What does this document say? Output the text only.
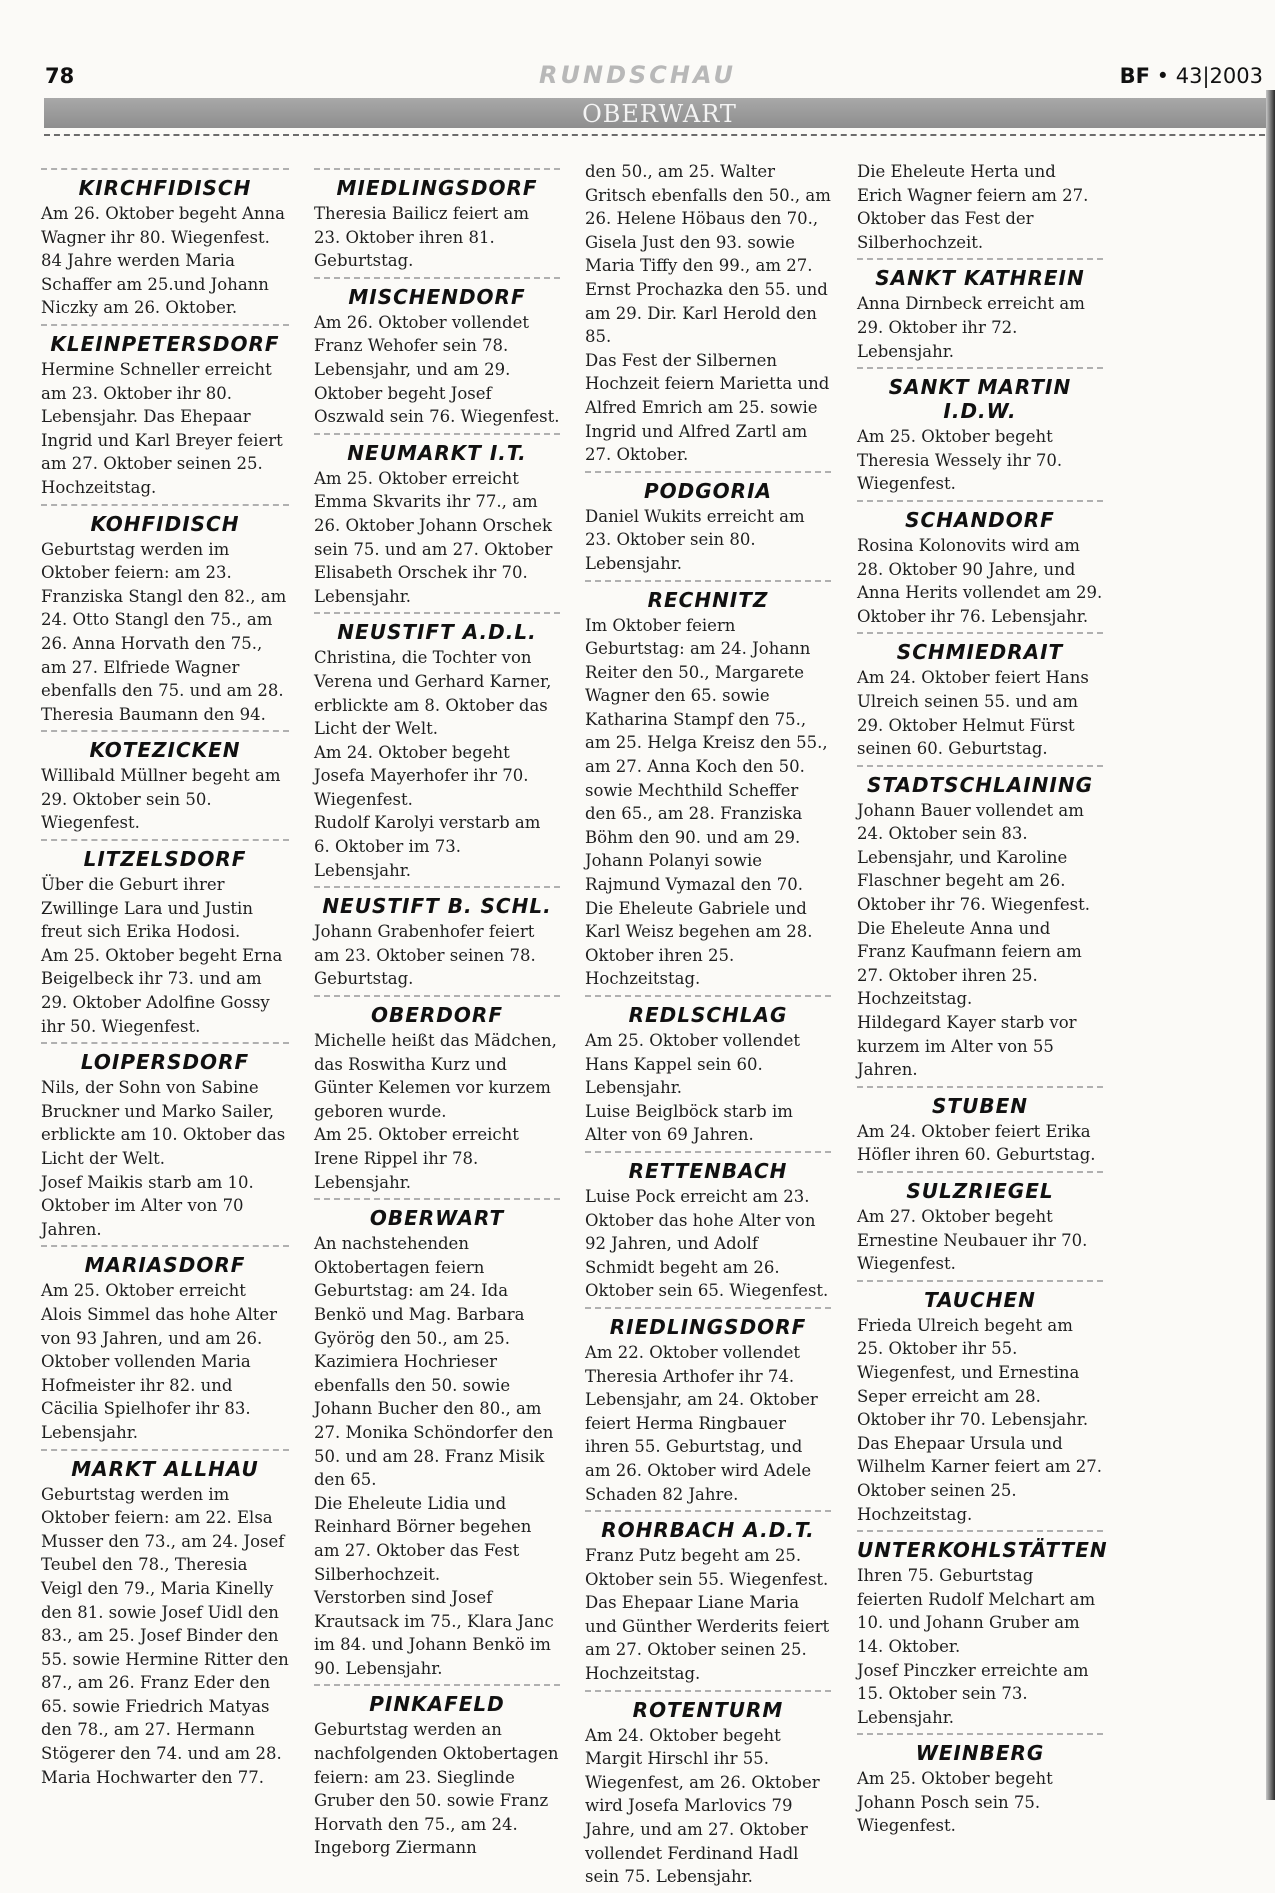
78	RUNDSCHAU	BF • 43|2003
OBERWART
KIRCHFIDISCH

Am 26. Oktober begeht Anna Wagner ihr 80. Wiegenfest. 84 Jahre werden Maria Schaffer am 25.und Johann Niczky am 26. Oktober.

KLEINPETERSDORF

Hermine Schneller erreicht am 23. Oktober ihr 80. Lebensjahr. Das Ehepaar Ingrid und Karl Breyer feiert am 27. Oktober seinen 25. Hochzeitstag.

KOHFIDISCH

Geburtstag werden im Oktober feiern: am 23. Franziska Stangl den 82., am 24. Otto Stangl den 75., am 26. Anna Horvath den 75., am 27. Elfriede Wagner ebenfalls den 75. und am 28. Theresia Baumann den 94.

KOTEZICKEN

Willibald Müllner begeht am 29. Oktober sein 50. Wiegenfest.

LITZELSDORF

Über die Geburt ihrer Zwillinge Lara und Justin freut sich Erika Hodosi.

Am 25. Oktober begeht Erna Beigelbeck ihr 73. und am 29. Oktober Adolfine Gossy ihr 50. Wiegenfest.

LOIPERSDORF

Nils, der Sohn von Sabine Bruckner und Marko Sailer, erblickte am 10. Oktober das Licht der Welt.

Josef Maikis starb am 10. Oktober im Alter von 70 Jahren.

MARIASDORF

Am 25. Oktober erreicht Alois Simmel das hohe Alter von 93 Jahren, und am 26. Oktober vollenden Maria Hofmeister ihr 82. und Cäcilia Spielhofer ihr 83. Lebensjahr.

MARKT ALLHAU

Geburtstag werden im Oktober feiern: am 22. Elsa Musser den 73., am 24. Josef Teubel den 78., Theresia Veigl den 79., Maria Kinelly den 81. sowie Josef Uidl den 83., am 25. Josef Binder den 55. sowie Hermine Ritter den 87., am 26. Franz Eder den 65. sowie Friedrich Matyas den 78., am 27. Hermann Stögerer den 74. und am 28. Maria Hochwarter den 77.

MIEDLINGSDORF

Theresia Bailicz feiert am 23. Oktober ihren 81. Geburtstag.

MISCHENDORF

Am 26. Oktober vollendet Franz Wehofer sein 78. Lebensjahr, und am 29. Oktober begeht Josef Oszwald sein 76. Wiegenfest.

NEUMARKT I.T.

Am 25. Oktober erreicht Emma Skvarits ihr 77., am 26. Oktober Johann Orschek sein 75. und am 27. Oktober Elisabeth Orschek ihr 70. Lebensjahr.

NEUSTIFT A.D.L.

Christina, die Tochter von Verena und Gerhard Karner, erblickte am 8. Oktober das Licht der Welt.

Am 24. Oktober begeht Josefa Mayerhofer ihr 70. Wiegenfest.

Rudolf Karolyi verstarb am 6. Oktober im 73. Lebensjahr.

NEUSTIFT B. SCHL.

Johann Grabenhofer feiert am 23. Oktober seinen 78. Geburtstag.

OBERDORF

Michelle heißt das Mädchen, das Roswitha Kurz und Günter Kelemen vor kurzem geboren wurde.

Am 25. Oktober erreicht Irene Rippel ihr 78. Lebensjahr.

OBERWART

An nachstehenden Oktobertagen feiern Geburtstag: am 24. Ida Benkö und Mag. Barbara Györög den 50., am 25. Kazimiera Hochrieser ebenfalls den 50. sowie Johann Bucher den 80., am 27. Monika Schöndorfer den 50. und am 28. Franz Misik den 65.

Die Eheleute Lidia und Reinhard Börner begehen am 27. Oktober das Fest Silberhochzeit.

Verstorben sind Josef Krautsack im 75., Klara Janc im 84. und Johann Benkö im 90. Lebensjahr.

PINKAFELD

Geburtstag werden an nachfolgenden Oktobertagen feiern: am 23. Sieglinde Gruber den 50. sowie Franz Horvath den 75., am 24. Ingeborg Ziermann

den 50., am 25. Walter Gritsch ebenfalls den 50., am 26. Helene Höbaus den 70., Gisela Just den 93. sowie Maria Tiffy den 99., am 27. Ernst Prochazka den 55. und am 29. Dir. Karl Herold den 85.

Das Fest der Silbernen Hochzeit feiern Marietta und Alfred Emrich am 25. sowie Ingrid und Alfred Zartl am 27. Oktober.

PODGORIA

Daniel Wukits erreicht am 23. Oktober sein 80. Lebensjahr.

RECHNITZ

Im Oktober feiern Geburtstag: am 24. Johann Reiter den 50., Margarete Wagner den 65. sowie Katharina Stampf den 75., am 25. Helga Kreisz den 55., am 27. Anna Koch den 50. sowie Mechthild Scheffer den 65., am 28. Franziska Böhm den 90. und am 29. Johann Polanyi sowie Rajmund Vymazal den 70.

Die Eheleute Gabriele und Karl Weisz begehen am 28. Oktober ihren 25. Hochzeitstag.

REDLSCHLAG

Am 25. Oktober vollendet Hans Kappel sein 60. Lebensjahr.

Luise Beiglböck starb im Alter von 69 Jahren.

RETTENBACH

Luise Pock erreicht am 23. Oktober das hohe Alter von 92 Jahren, und Adolf Schmidt begeht am 26. Oktober sein 65. Wiegenfest.

RIEDLINGSDORF

Am 22. Oktober vollendet Theresia Arthofer ihr 74. Lebensjahr, am 24. Oktober feiert Herma Ringbauer ihren 55. Geburtstag, und am 26. Oktober wird Adele Schaden 82 Jahre.

ROHRBACH A.D.T.

Franz Putz begeht am 25. Oktober sein 55. Wiegenfest.

Das Ehepaar Liane Maria und Günther Werderits feiert am 27. Oktober seinen 25. Hochzeitstag.

ROTENTURM

Am 24. Oktober begeht Margit Hirschl ihr 55. Wiegenfest, am 26. Oktober wird Josefa Marlovics 79 Jahre, und am 27. Oktober vollendet Ferdinand Hadl sein 75. Lebensjahr.

Die Eheleute Herta und Erich Wagner feiern am 27. Oktober das Fest der Silberhochzeit.

SANKT KATHREIN

Anna Dirnbeck erreicht am 29. Oktober ihr 72. Lebensjahr.

SANKT MARTIN I.D.W.

Am 25. Oktober begeht Theresia Wessely ihr 70. Wiegenfest.

SCHANDORF

Rosina Kolonovits wird am 28. Oktober 90 Jahre, und Anna Herits vollendet am 29. Oktober ihr 76. Lebensjahr.

SCHMIEDRAIT

Am 24. Oktober feiert Hans Ulreich seinen 55. und am 29. Oktober Helmut Fürst seinen 60. Geburtstag.

STADTSCHLAINING

Johann Bauer vollendet am 24. Oktober sein 83. Lebensjahr, und Karoline Flaschner begeht am 26. Oktober ihr 76. Wiegenfest.

Die Eheleute Anna und Franz Kaufmann feiern am 27. Oktober ihren 25. Hochzeitstag.

Hildegard Kayer starb vor kurzem im Alter von 55 Jahren.

STUBEN

Am 24. Oktober feiert Erika Höfler ihren 60. Geburtstag.

SULZRIEGEL

Am 27. Oktober begeht Ernestine Neubauer ihr 70. Wiegenfest.

TAUCHEN

Frieda Ulreich begeht am 25. Oktober ihr 55. Wiegenfest, und Ernestina Seper erreicht am 28. Oktober ihr 70. Lebensjahr.

Das Ehepaar Ursula und Wilhelm Karner feiert am 27. Oktober seinen 25. Hochzeitstag.

UNTERKOHLSTÄTTEN

Ihren 75. Geburtstag feierten Rudolf Melchart am 10. und Johann Gruber am 14. Oktober.

Josef Pinczker erreichte am 15. Oktober sein 73. Lebensjahr.

WEINBERG

Am 25. Oktober begeht Johann Posch sein 75. Wiegenfest.
